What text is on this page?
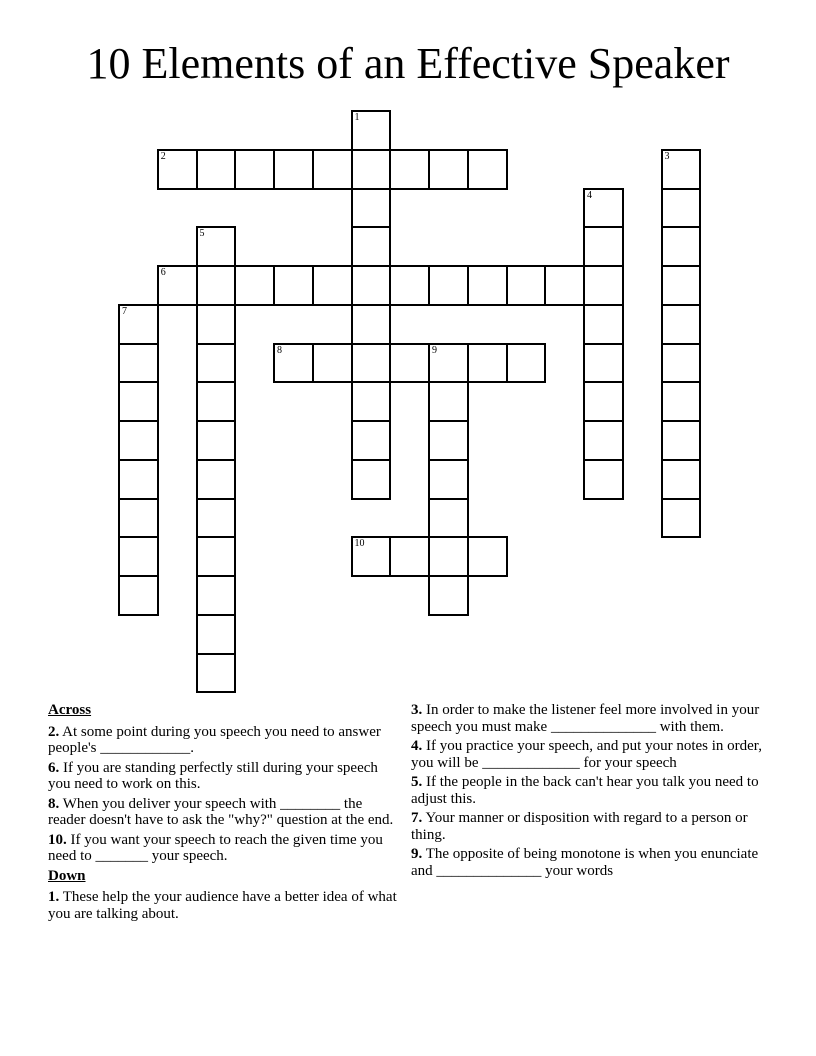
10 Elements of an Effective Speaker
1
2	3
4
5
6
7
8	9
10
Across
2. At some point during you speech you need to answer people's ____________.
6. If you are standing perfectly still during your speech you need to work on this.
8. When you deliver your speech with ________ the reader doesn't have to ask the "why?" question at the end.
10. If you want your speech to reach the given time you need to _______ your speech.
Down
1. These help the your audience have a better idea of what you are talking about.
3. In order to make the listener feel more involved in your speech you must make ______________ with them.
4. If you practice your speech, and put your notes in order, you will be _____________ for your speech
5. If the people in the back can't hear you talk you need to adjust this.
7. Your manner or disposition with regard to a person or thing.
9. The opposite of being monotone is when you enunciate and ______________ your words
